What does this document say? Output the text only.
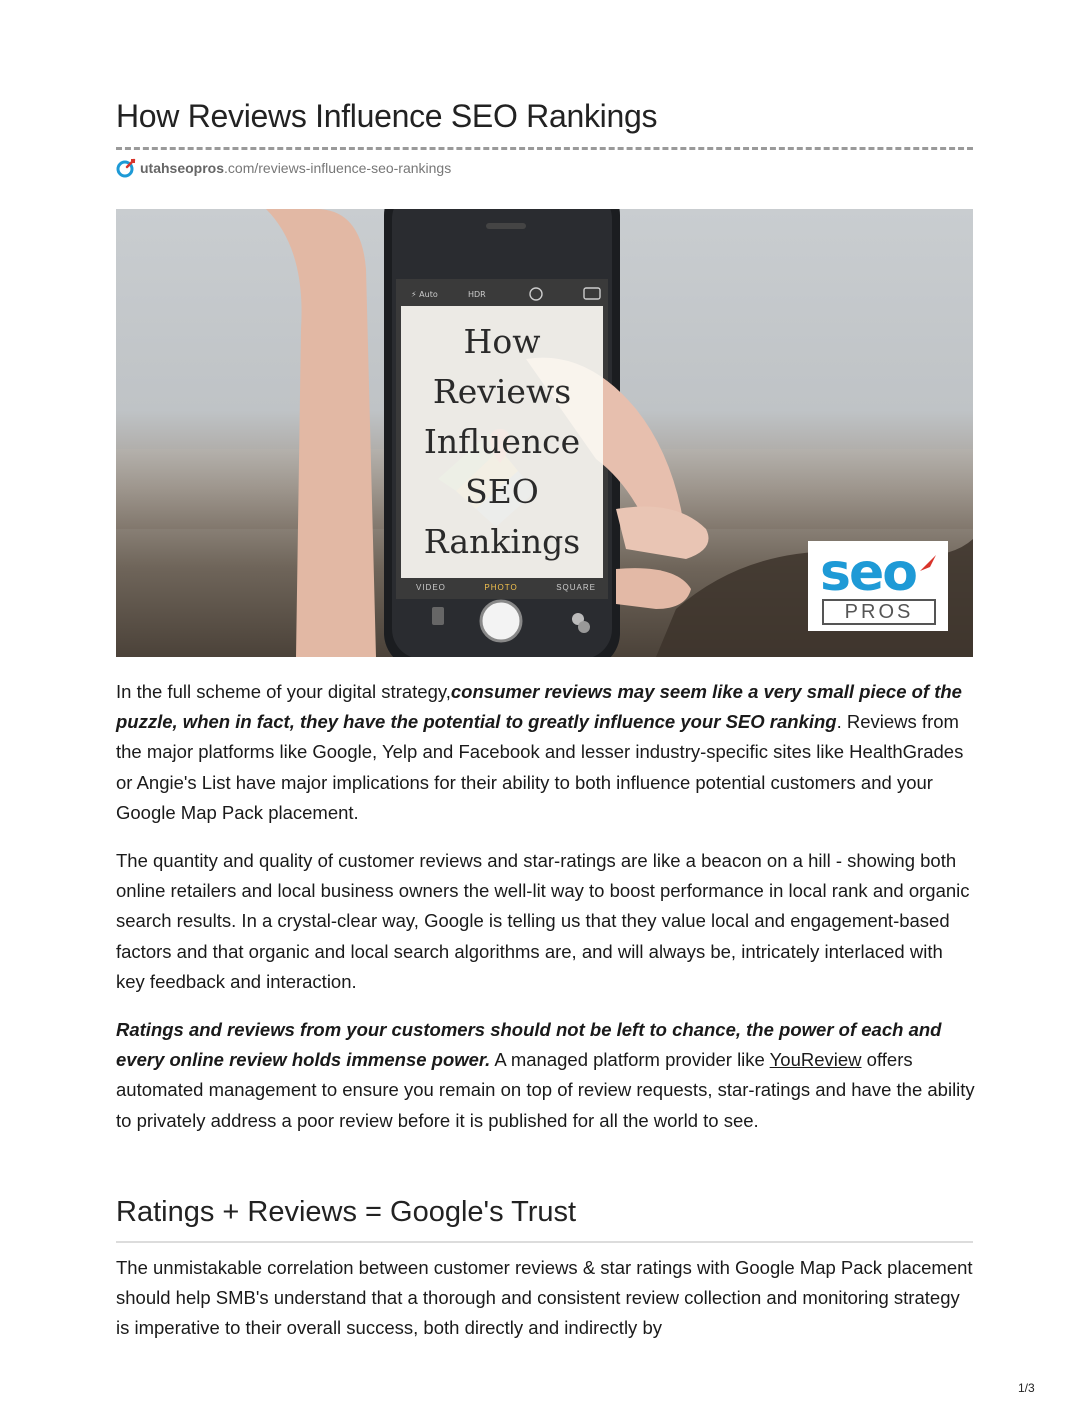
How Reviews Influence SEO Rankings
utahseopros.com/reviews-influence-seo-rankings
⚡ Auto	HDR
How
Reviews
Influence
SEO
Rankings
VIDEO	PHOTO	SQUARE	seo
PROS

In the full scheme of your digital strategy,consumer reviews may seem like a very small piece of the puzzle, when in fact, they have the potential to greatly influence your SEO ranking. Reviews from the major platforms like Google, Yelp and Facebook and lesser industry-specific sites like HealthGrades or Angie's List have major implications for their ability to both influence potential customers and your Google Map Pack placement.

The quantity and quality of customer reviews and star-ratings are like a beacon on a hill - showing both online retailers and local business owners the well-lit way to boost performance in local rank and organic search results. In a crystal-clear way, Google is telling us that they value local and engagement-based factors and that organic and local search algorithms are, and will always be, intricately interlaced with key feedback and interaction.

Ratings and reviews from your customers should not be left to chance, the power of each and every online review holds immense power. A managed platform provider like YouReview offers automated management to ensure you remain on top of review requests, star-ratings and have the ability to privately address a poor review before it is published for all the world to see.

Ratings + Reviews = Google's Trust

The unmistakable correlation between customer reviews & star ratings with Google Map Pack placement should help SMB's understand that a thorough and consistent review collection and monitoring strategy is imperative to their overall success, both directly and indirectly by

1/3
